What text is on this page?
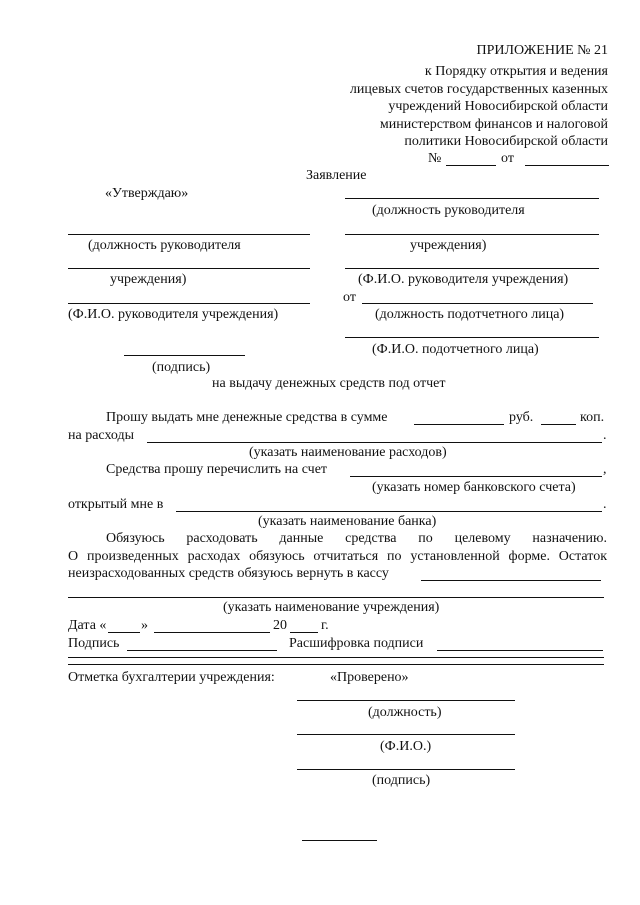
ПРИЛОЖЕНИЕ № 21
к Порядку открытия и ведения
лицевых счетов государственных казенных
учреждений Новосибирской области
министерством финансов и налоговой
политики Новосибирской области
№	от
Заявление
«Утверждаю»
(должность руководителя
учреждения)
(Ф.И.О. руководителя учреждения)
(подпись)
(должность руководителя
учреждения)
(Ф.И.О. руководителя учреждения)
от
(должность подотчетного лица)
(Ф.И.О. подотчетного лица)
на выдачу денежных средств под отчет
Прошу выдать мне денежные средства в сумме	руб.	коп.
на расходы	.
(указать наименование расходов)
Средства прошу перечислить на счет	,
(указать номер банковского счета)
открытый мне в	.
(указать наименование банка)
Обязуюсь расходовать данные средства по целевому назначению.
О произведенных расходах обязуюсь отчитаться по установленной форме. Остаток
неизрасходованных средств обязуюсь вернуть в кассу
(указать наименование учреждения)
Дата « »	20 г.
Подпись	Расшифровка подписи
Отметка бухгалтерии учреждения:	«Проверено»
(должность)
(Ф.И.О.)
(подпись)
